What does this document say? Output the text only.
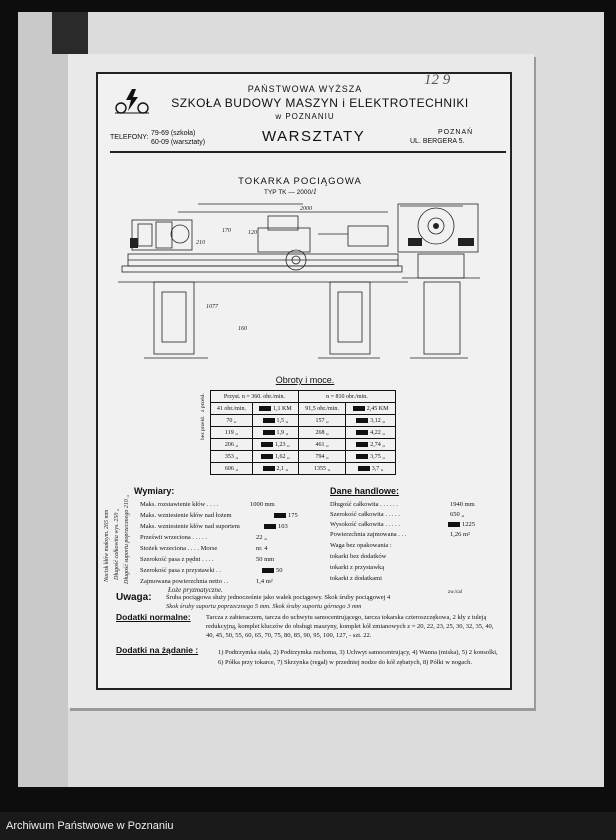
PAŃSTWOWA WYŻSZA
SZKOŁA BUDOWY MASZYN i ELEKTROTECHNIKI
w POZNANIU
12 9
TELEFONY:
79-69 (szkoła)
60-09 (warsztaty)	WARSZTATY	POZNAŃ
UL. BERGERA 5.
TOKARKA POCIĄGOWA
TYP TK — 2000/1
170
1077
2000
120
210
160
Obroty i moce.
bez przekł.
z przekł.	Przyst. n = 360. obr./min.		n = 810 obr./min.	
41 obr./min.	1,1 KM	91,5 obr./min.	2,45 KM
70 „	1,5 „	157 „	3,12 „
119 „	1,9 „	268 „	4,22 „
206 „	1,23 „	461 „	2,74 „
353 „	1,62 „	794 „	3,75 „
606 „	2,1 „	1355 „	3,7 „
Nacisk kłów maksym. 265 mm Długość całkowita wys. 250 „ Długość suportu poprzecznego 210 „
Wymiary:
Maks. rozstawienie kłów . . . .	1000 mm
Maks. wzniesienie kłów nad łożem	175
Maks. wzniesienie kłów nad suportem	103
Prześwit wrzeciona . . . . .	22 „
Stożek wrzeciona . . . . Morse	nr. 4
Szerokość pasa z pędni . . . .	50 mm
Szerokość pasa z przystawki . .	50
Zajmowana powierzchnia netto . .	1,4 m²
Dane handlowe:
Długość całkowita . . . . . .	1940 mm
Szerokość całkowita . . . . .	650 „
Wysokość całkowita . . . . .	1225
Powierzchnia zajmowana . . .	1,26 m²
Waga bez opakowania :
tokarki bez dodatków
tokarki z przystawką
tokarki z dodatkami
Łoże pryzmatyczne.
Uwaga: Śruba pociągowa służy jednocześnie jako wałek pociągowy. Skok śruby pociągowej 4
zw./cal
Skok śruby suportu poprzecznego 5 mm. Skok śruby suportu górnego 3 mm
Dodatki normalne: Tarcza z zabieraczem, tarcza do uchwytu samocentrującego, tarcza tokarska czteroszczękowa, 2 kły z tuleją redukcyjną, komplet kluczów do obsługi maszyny, komplet kół zmianowych z = 20, 22, 23, 25, 30, 32, 35, 40, 40, 45, 50, 55, 60, 65, 70, 75, 80, 85, 90, 95, 100, 127, - szt. 22.
Dodatki na żądanie :	1) Podtrzymka stała, 2) Podtrzymka ruchoma, 3) Uchwyt samocentrujący, 4) Wanna (miska), 5) 2 konsolki, 6) Półka przy tokarce, 7) Skrzynka (regał) w przedniej nodze do kół zębatych, 8) Półki w nogach.
Archiwum Państwowe w Poznaniu
